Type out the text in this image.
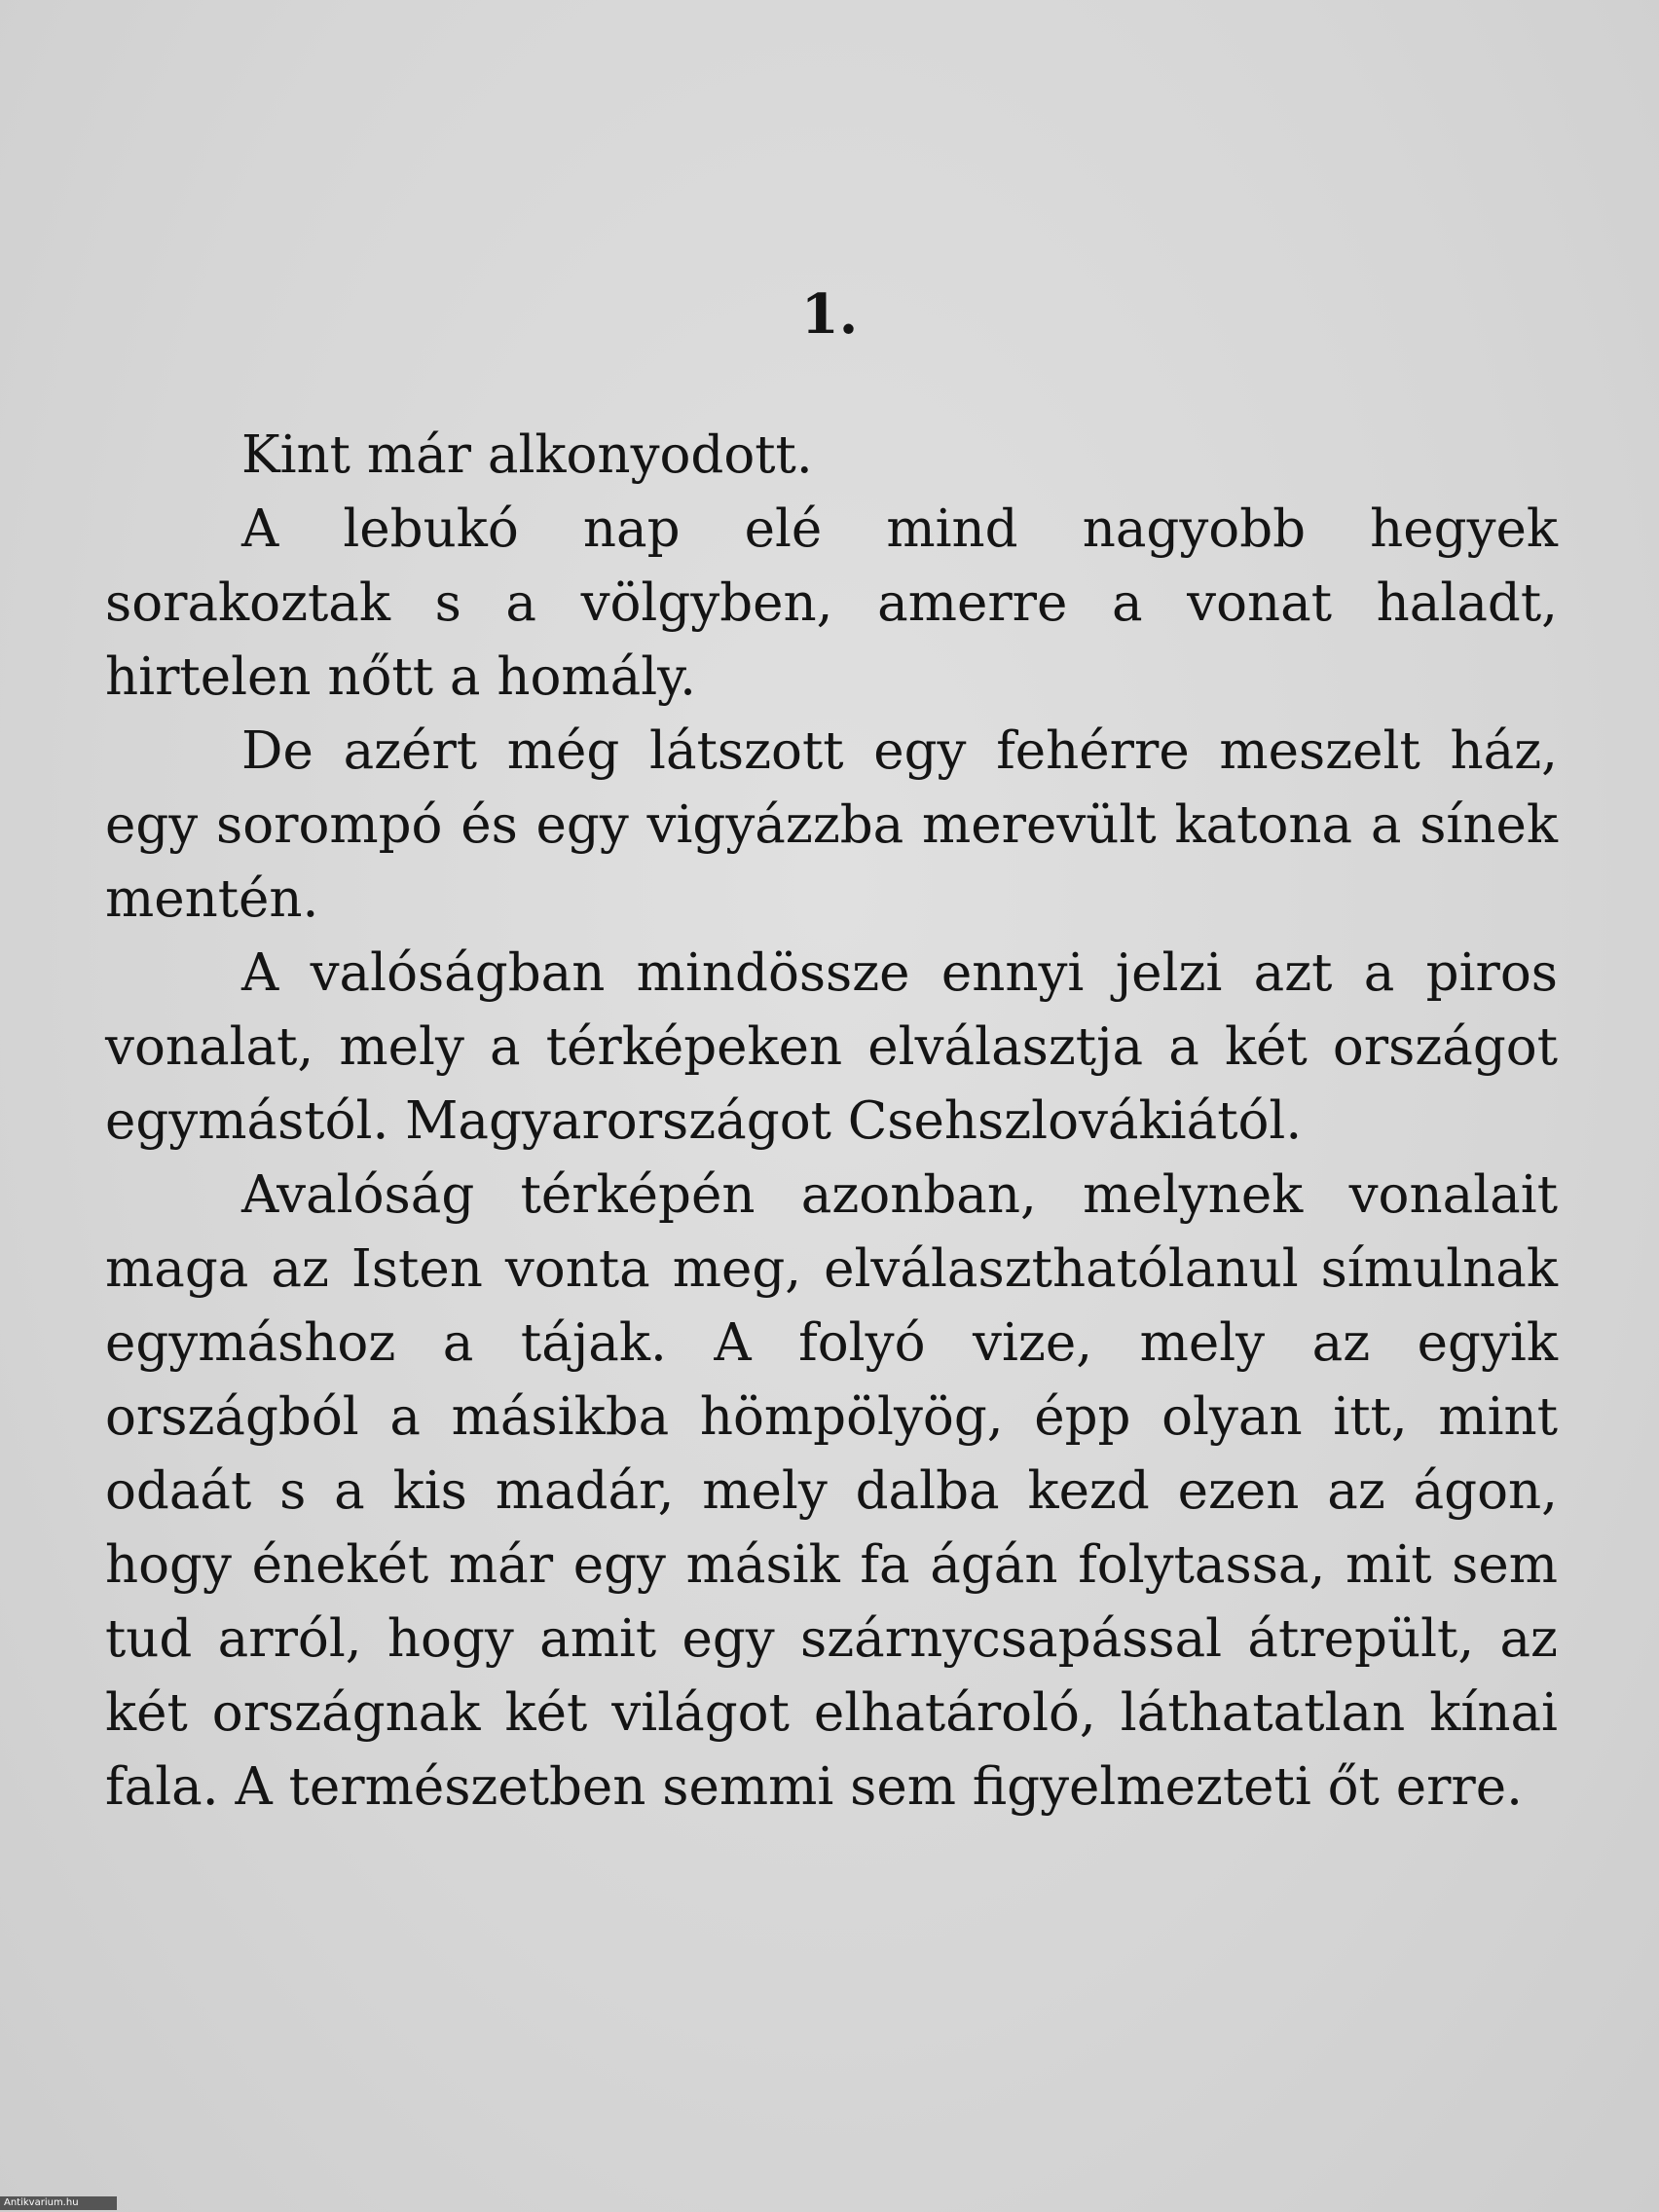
1.

Kint már alkonyodott.

A lebukó nap elé mind nagyobb hegyek sorakoztak s a völgyben, amerre a vonat haladt, hirtelen nőtt a homály.

De azért még látszott egy fehérre meszelt ház, egy sorompó és egy vigyázzba merevült katona a sínek mentén.

A valóságban mindössze ennyi jelzi azt a piros vonalat, mely a térképeken elválasztja a két országot egymástól. Magyarországot Csehszlovákiától.

Avalóság térképén azonban, melynek vonalait maga az Isten vonta meg, elválaszthatólanul símulnak egymáshoz a tájak. A folyó vize, mely az egyik országból a másikba hömpölyög, épp olyan itt, mint odaát s a kis madár, mely dalba kezd ezen az ágon, hogy énekét már egy másik fa ágán folytassa, mit sem tud arról, hogy amit egy szárnycsapással átrepült, az két országnak két világot elhatároló, láthatatlan kínai fala. A természetben semmi sem figyelmezteti őt erre.

Antikvarium.hu
